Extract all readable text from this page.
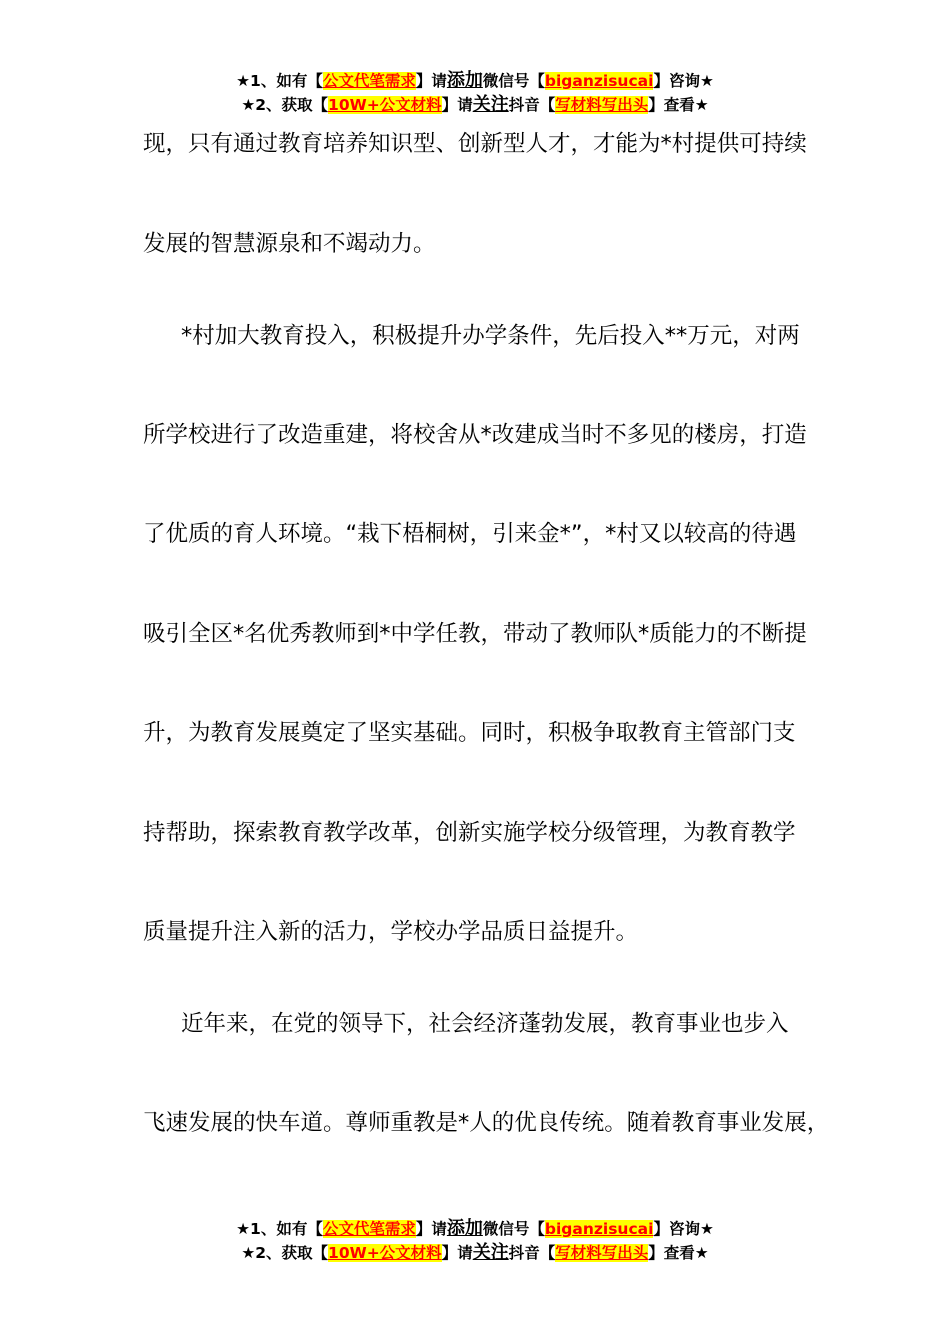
★1、如有【公文代笔需求】请添加微信号【biganzisucai】咨询★
★2、获取【10W+公文材料】请关注抖音【写材料写出头】查看★
现，只有通过教育培养知识型、创新型人才，才能为*村提供可持续
发展的智慧源泉和不竭动力。
*村加大教育投入，积极提升办学条件，先后投入**万元，对两
所学校进行了改造重建，将校舍从*改建成当时不多见的楼房，打造
了优质的育人环境。“栽下梧桐树，引来金*”，*村又以较高的待遇
吸引全区*名优秀教师到*中学任教，带动了教师队*质能力的不断提
升，为教育发展奠定了坚实基础。同时，积极争取教育主管部门支
持帮助，探索教育教学改革，创新实施学校分级管理，为教育教学
质量提升注入新的活力，学校办学品质日益提升。
近年来，在党的领导下，社会经济蓬勃发展，教育事业也步入
飞速发展的快车道。尊师重教是*人的优良传统。随着教育事业发展，
★1、如有【公文代笔需求】请添加微信号【biganzisucai】咨询★
★2、获取【10W+公文材料】请关注抖音【写材料写出头】查看★
